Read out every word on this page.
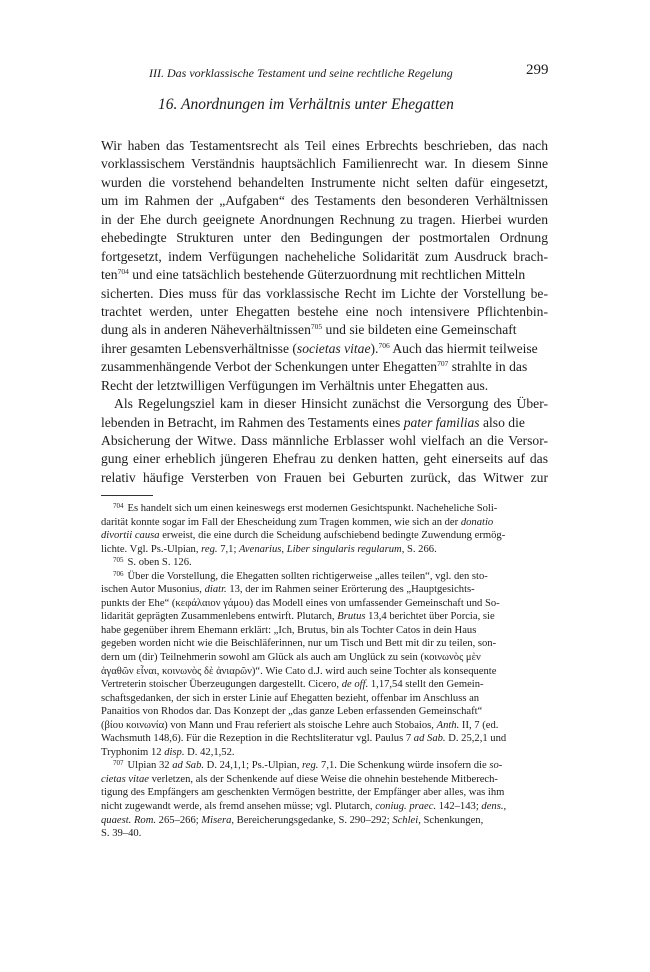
III. Das vorklassische Testament und seine rechtliche Regelung	299
16. Anordnungen im Verhältnis unter Ehegatten
Wir haben das Testamentsrecht als Teil eines Erbrechts beschrieben, das nach
vorklassischem Verständnis hauptsächlich Familienrecht war. In diesem Sinne
wurden die vorstehend behandelten Instrumente nicht selten dafür eingesetzt,
um im Rahmen der „Aufgaben“ des Testaments den besonderen Verhältnissen
in der Ehe durch geeignete Anordnungen Rechnung zu tragen. Hierbei wurden
ehebedingte Strukturen unter den Bedingungen der postmortalen Ordnung
fortgesetzt, indem Verfügungen nacheheliche Solidarität zum Ausdruck brach-
ten$^{704}$ und eine tatsächlich bestehende Güterzuordnung mit rechtlichen Mitteln
sicherten. Dies muss für das vorklassische Recht im Lichte der Vorstellung be-
trachtet werden, unter Ehegatten bestehe eine noch intensivere Pflichtenbin-
dung als in anderen Näheverhältnissen$^{705}$ und sie bildeten eine Gemeinschaft
ihrer gesamten Lebensverhältnisse (societas vitae).$^{706}$ Auch das hiermit teilweise
zusammenhängende Verbot der Schenkungen unter Ehegatten$^{707}$ strahlte in das
Recht der letztwilligen Verfügungen im Verhältnis unter Ehegatten aus.
Als Regelungsziel kam in dieser Hinsicht zunächst die Versorgung des Über-
lebenden in Betracht, im Rahmen des Testaments eines pater familias also die
Absicherung der Witwe. Dass männliche Erblasser wohl vielfach an die Versor-
gung einer erheblich jüngeren Ehefrau zu denken hatten, geht einerseits auf das
relativ häufige Versterben von Frauen bei Geburten zurück, das Witwer zur
$^{704}$ Es handelt sich um einen keineswegs erst modernen Gesichtspunkt. Nacheheliche Soli-
darität konnte sogar im Fall der Ehescheidung zum Tragen kommen, wie sich an der donatio
divortii causa erweist, die eine durch die Scheidung aufschiebend bedingte Zuwendung ermög-
lichte. Vgl. Ps.-Ulpian, reg. 7,1; Avenarius, Liber singularis regularum, S. 266.
$^{705}$ S. oben S. 126.
$^{706}$ Über die Vorstellung, die Ehegatten sollten richtigerweise „alles teilen“, vgl. den sto-
ischen Autor Musonius, diatr. 13, der im Rahmen seiner Erörterung des „Hauptgesichts-
punkts der Ehe“ (κεφάλαιον γάμου) das Modell eines von umfassender Gemeinschaft und So-
lidarität geprägten Zusammenlebens entwirft. Plutarch, Brutus 13,4 berichtet über Porcia, sie
habe gegenüber ihrem Ehemann erklärt: „Ich, Brutus, bin als Tochter Catos in dein Haus
gegeben worden nicht wie die Beischläferinnen, nur um Tisch und Bett mit dir zu teilen, son-
dern um (dir) Teilnehmerin sowohl am Glück als auch am Unglück zu sein (κοινωνὸς μὲν
ἀγαθῶν εἶναι, κοινωνὸς δὲ ἀνιαρῶν)“. Wie Cato d.J. wird auch seine Tochter als konsequente
Vertreterin stoischer Überzeugungen dargestellt. Cicero, de off. 1,17,54 stellt den Gemein-
schaftsgedanken, der sich in erster Linie auf Ehegatten bezieht, offenbar im Anschluss an
Panaitios von Rhodos dar. Das Konzept der „das ganze Leben erfassenden Gemeinschaft“
(βίου κοινωνία) von Mann und Frau referiert als stoische Lehre auch Stobaios, Anth. II, 7 (ed.
Wachsmuth 148,6). Für die Rezeption in die Rechtsliteratur vgl. Paulus 7 ad Sab. D. 25,2,1 und
Tryphonim 12 disp. D. 42,1,52.
$^{707}$ Ulpian 32 ad Sab. D. 24,1,1; Ps.-Ulpian, reg. 7,1. Die Schenkung würde insofern die so-
cietas vitae verletzen, als der Schenkende auf diese Weise die ohnehin bestehende Mitberech-
tigung des Empfängers am geschenkten Vermögen bestritte, der Empfänger aber alles, was ihm
nicht zugewandt werde, als fremd ansehen müsse; vgl. Plutarch, coniug. praec. 142–143; dens.,
quaest. Rom. 265–266; Misera, Bereicherungsgedanke, S. 290–292; Schlei, Schenkungen,
S. 39–40.
